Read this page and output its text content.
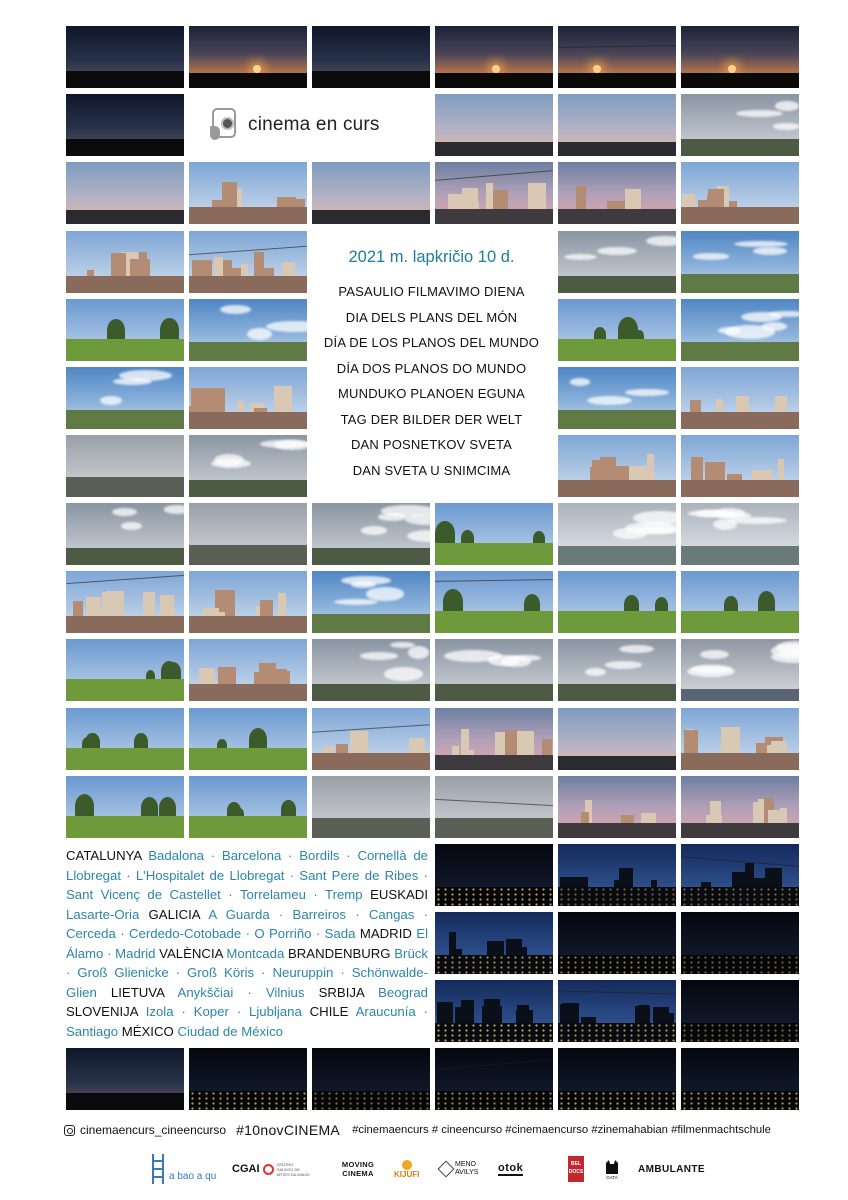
cinema en curs
2021 m. lapkričio 10 d.
PASAULIO FILMAVIMO DIENA
DIA DELS PLANS DEL MÓN
DÍA DE LOS PLANOS DEL MUNDO
DÍA DOS PLANOS DO MUNDO
MUNDUKO PLANOEN EGUNA
TAG DER BILDER DER WELT
DAN POSNETKOV SVETA
DAN SVETA U SNIMCIMA
CATALUNYA Badalona · Barcelona · Bordils · Cornellà de Llobregat · L'Hospitalet de Llobregat · Sant Pere de Ribes · Sant Vicenç de Castellet · Torrelameu · Tremp EUSKADI Lasarte-Oria GALICIA A Guarda · Barreiros · Cangas · Cerceda · Cerdedo-Cotobade · O Porriño · Sada MADRID El Álamo · Madrid VALÈNCIA Montcada BRANDENBURG Brück · Groß Glienicke · Groß Köris · Neuruppin · Schönwalde-Glien LIETUVA Anykščiai · Vilnius SRBIJA Beograd SLOVENIJA Izola · Koper · Ljubljana CHILE Araucunía · Santiago MÉXICO Ciudad de México
cinemaencurs_cineencurso #10novCINEMA #cinemaencurs # cineencurso #cinemaencurso #zinemahabian #filmenmachtschule
a bao a qu
CGAI	CENTRO GALEGO DE ARTES DA IMAXE
MOVING CINEMA	KIJUFI
MENO AVILYS otok	BEL DOCS
GATA
AMBULANTE
